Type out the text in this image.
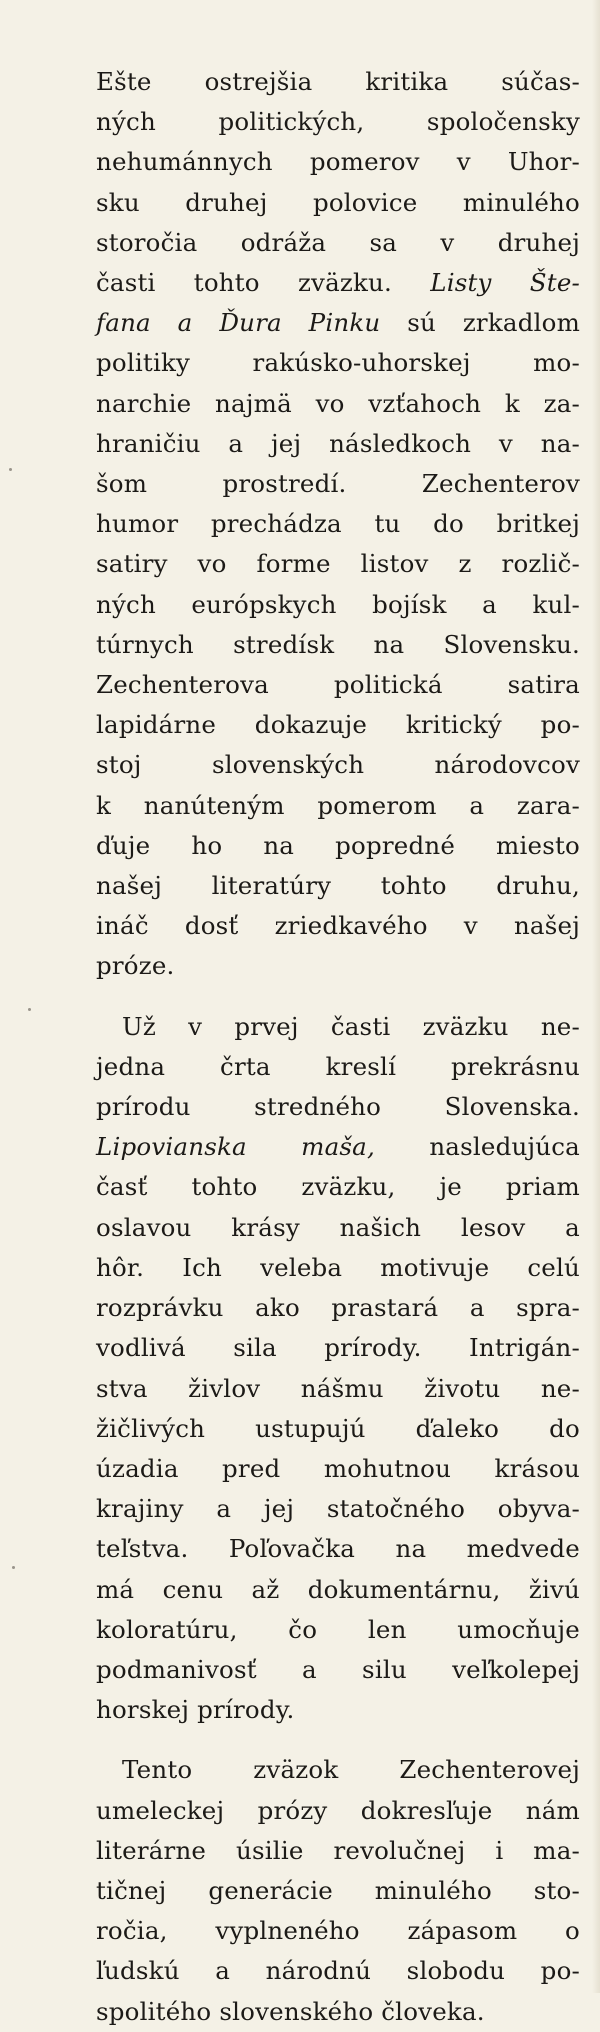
Ešte ostrejšia kritika súčas-

ných politických, spoločensky

nehumánnych pomerov v Uhor-

sku druhej polovice minulého

storočia odráža sa v druhej

časti tohto zväzku. Listy Šte-

fana a Ďura Pinku sú zrkadlom

politiky rakúsko-uhorskej mo-

narchie najmä vo vzťahoch k za-

hraničiu a jej následkoch v na-

šom prostredí. Zechenterov

humor prechádza tu do britkej

satiry vo forme listov z rozlič-

ných európskych bojísk a kul-

túrnych stredísk na Slovensku.

Zechenterova politická satira

lapidárne dokazuje kritický po-

stoj slovenských národovcov

k nanúteným pomerom a zara-

ďuje ho na popredné miesto

našej literatúry tohto druhu,

ináč dosť zriedkavého v našej

próze.

Už v prvej časti zväzku ne-

jedna črta kreslí prekrásnu

prírodu stredného Slovenska.

Lipovianska maša, nasledujúca

časť tohto zväzku, je priam

oslavou krásy našich lesov a

hôr. Ich veleba motivuje celú

rozprávku ako prastará a spra-

vodlivá sila prírody. Intrigán-

stva živlov nášmu životu ne-

žičlivých ustupujú ďaleko do

úzadia pred mohutnou krásou

krajiny a jej statočného obyva-

teľstva. Poľovačka na medvede

má cenu až dokumentárnu, živú

koloratúru, čo len umocňuje

podmanivosť a silu veľkolepej

horskej prírody.

Tento zväzok Zechenterovej

umeleckej prózy dokresľuje nám

literárne úsilie revolučnej i ma-

tičnej generácie minulého sto-

ročia, vyplneného zápasom o

ľudskú a národnú slobodu po-

spolitého slovenského človeka.
